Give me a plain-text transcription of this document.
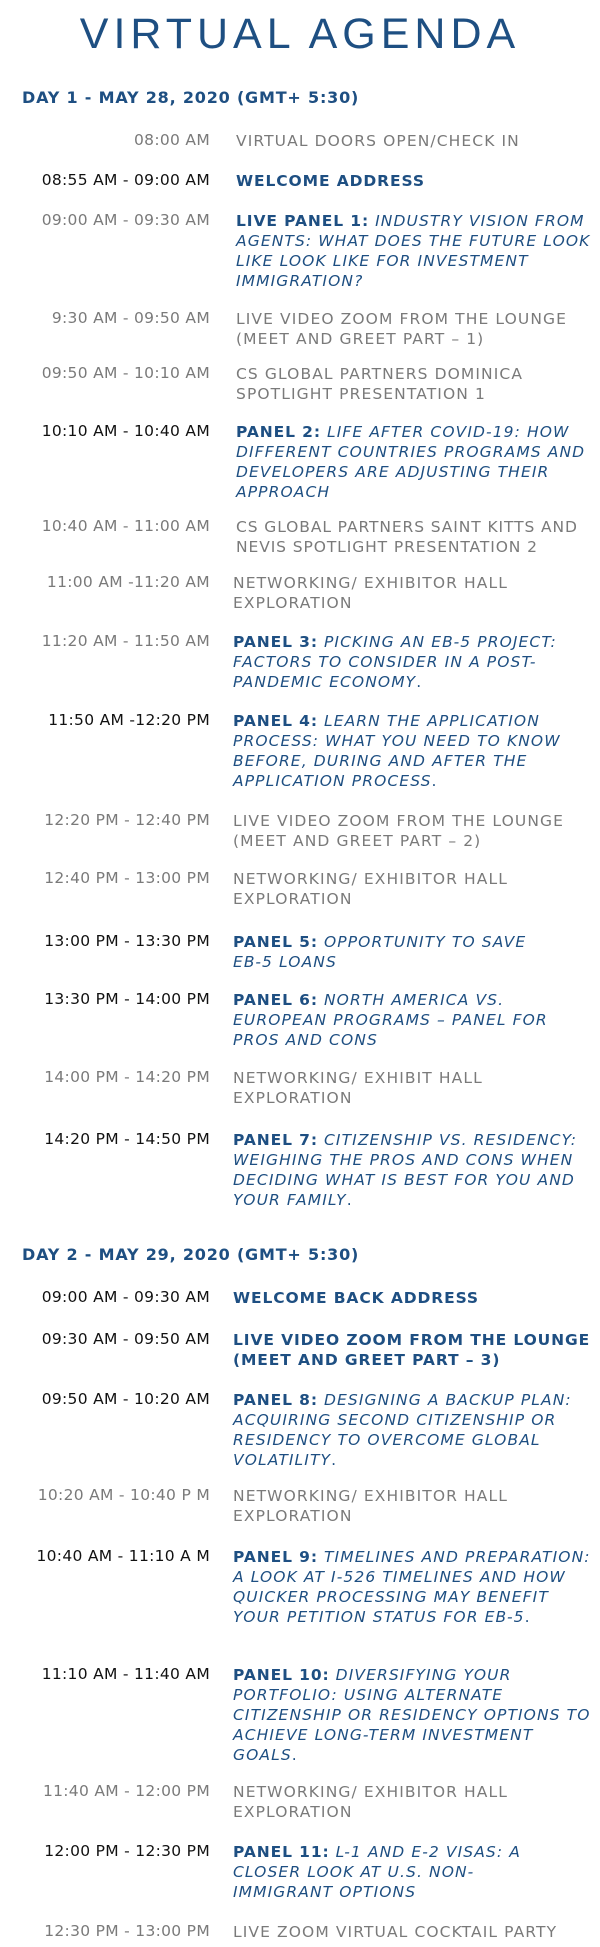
VIRTUAL AGENDA
DAY 1 - MAY 28, 2020 (GMT+ 5:30)
08:00 AM VIRTUAL DOORS OPEN/CHECK IN
08:55 AM - 09:00 AM WELCOME ADDRESS
09:00 AM - 09:30 AM LIVE PANEL 1: INDUSTRY VISION FROM AGENTS: WHAT DOES THE FUTURE LOOK LIKE LOOK LIKE FOR INVESTMENT IMMIGRATION?
9:30 AM - 09:50 AM LIVE VIDEO ZOOM FROM THE LOUNGE (MEET AND GREET PART – 1)
09:50 AM - 10:10 AM CS GLOBAL PARTNERS DOMINICA SPOTLIGHT PRESENTATION 1
10:10 AM - 10:40 AM PANEL 2: LIFE AFTER COVID-19: HOW DIFFERENT COUNTRIES PROGRAMS AND DEVELOPERS ARE ADJUSTING THEIR APPROACH
10:40 AM - 11:00 AM CS GLOBAL PARTNERS SAINT KITTS AND NEVIS SPOTLIGHT PRESENTATION 2
11:00 AM -11:20 AM NETWORKING/ EXHIBITOR HALL EXPLORATION
11:20 AM - 11:50 AM PANEL 3: PICKING AN EB-5 PROJECT: FACTORS TO CONSIDER IN A POST-PANDEMIC ECONOMY.
11:50 AM -12:20 PM PANEL 4: LEARN THE APPLICATION PROCESS: WHAT YOU NEED TO KNOW BEFORE, DURING AND AFTER THE APPLICATION PROCESS.
12:20 PM - 12:40 PM LIVE VIDEO ZOOM FROM THE LOUNGE (MEET AND GREET PART – 2)
12:40 PM - 13:00 PM NETWORKING/ EXHIBITOR HALL EXPLORATION
13:00 PM - 13:30 PM PANEL 5: OPPORTUNITY TO SAVE EB-5 LOANS
13:30 PM - 14:00 PM PANEL 6: NORTH AMERICA VS. EUROPEAN PROGRAMS – PANEL FOR PROS AND CONS
14:00 PM - 14:20 PM NETWORKING/ EXHIBIT HALL EXPLORATION
14:20 PM - 14:50 PM PANEL 7: CITIZENSHIP VS. RESIDENCY: WEIGHING THE PROS AND CONS WHEN DECIDING WHAT IS BEST FOR YOU AND YOUR FAMILY.
DAY 2 - MAY 29, 2020 (GMT+ 5:30)
09:00 AM - 09:30 AM WELCOME BACK ADDRESS
09:30 AM - 09:50 AM LIVE VIDEO ZOOM FROM THE LOUNGE (MEET AND GREET PART – 3)
09:50 AM - 10:20 AM PANEL 8: DESIGNING A BACKUP PLAN: ACQUIRING SECOND CITIZENSHIP OR RESIDENCY TO OVERCOME GLOBAL VOLATILITY.
10:20 AM - 10:40 P M NETWORKING/ EXHIBITOR HALL EXPLORATION
10:40 AM - 11:10 A M PANEL 9: TIMELINES AND PREPARATION: A LOOK AT I-526 TIMELINES AND HOW QUICKER PROCESSING MAY BENEFIT YOUR PETITION STATUS FOR EB-5.
11:10 AM - 11:40 AM PANEL 10: DIVERSIFYING YOUR PORTFOLIO: USING ALTERNATE CITIZENSHIP OR RESIDENCY OPTIONS TO ACHIEVE LONG-TERM INVESTMENT GOALS.
11:40 AM - 12:00 PM NETWORKING/ EXHIBITOR HALL EXPLORATION
12:00 PM - 12:30 PM PANEL 11: L-1 AND E-2 VISAS: A CLOSER LOOK AT U.S. NON-IMMIGRANT OPTIONS
12:30 PM - 13:00 PM LIVE ZOOM VIRTUAL COCKTAIL PARTY
